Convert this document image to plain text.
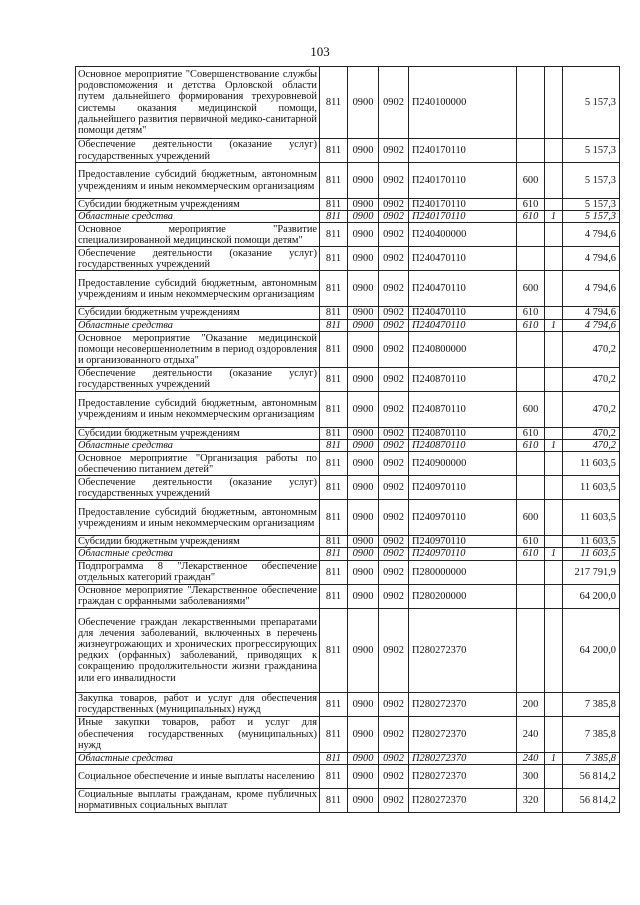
103
Основное мероприятие "Совершенствование службы родовспоможения и детства Орловской области путем дальнейшего формирования трехуровневой системы оказания медицинской помощи, дальнейшего развития первичной медико-санитарной помощи детям"	811	0900	0902	П240100000			5 157,3
Обеспечение деятельности (оказание услуг) государственных учреждений	811	0900	0902	П240170110			5 157,3
Предоставление субсидий бюджетным, автономным учреждениям и иным некоммерческим организациям	811	0900	0902	П240170110	600		5 157,3
Субсидии бюджетным учреждениям	811	0900	0902	П240170110	610		5 157,3
Областные средства	811	0900	0902	П240170110	610	1	5 157,3
Основное мероприятие "Развитие специализированной медицинской помощи детям"	811	0900	0902	П240400000			4 794,6
Обеспечение деятельности (оказание услуг) государственных учреждений	811	0900	0902	П240470110			4 794,6
Предоставление субсидий бюджетным, автономным учреждениям и иным некоммерческим организациям	811	0900	0902	П240470110	600		4 794,6
Субсидии бюджетным учреждениям	811	0900	0902	П240470110	610		4 794,6
Областные средства	811	0900	0902	П240470110	610	1	4 794,6
Основное мероприятие "Оказание медицинской помощи несовершеннолетним в период оздоровления и организованного отдыха"	811	0900	0902	П240800000			470,2
Обеспечение деятельности (оказание услуг) государственных учреждений	811	0900	0902	П240870110			470,2
Предоставление субсидий бюджетным, автономным учреждениям и иным некоммерческим организациям	811	0900	0902	П240870110	600		470,2
Субсидии бюджетным учреждениям	811	0900	0902	П240870110	610		470,2
Областные средства	811	0900	0902	П240870110	610	1	470,2
Основное мероприятие "Организация работы по обеспечению питанием детей"	811	0900	0902	П240900000			11 603,5
Обеспечение деятельности (оказание услуг) государственных учреждений	811	0900	0902	П240970110			11 603,5
Предоставление субсидий бюджетным, автономным учреждениям и иным некоммерческим организациям	811	0900	0902	П240970110	600		11 603,5
Субсидии бюджетным учреждениям	811	0900	0902	П240970110	610		11 603,5
Областные средства	811	0900	0902	П240970110	610	1	11 603,5
Подпрограмма 8 "Лекарственное обеспечение отдельных категорий граждан"	811	0900	0902	П280000000			217 791,9
Основное мероприятие "Лекарственное обеспечение граждан с орфанными заболеваниями"	811	0900	0902	П280200000			64 200,0
Обеспечение граждан лекарственными препаратами для лечения заболеваний, включенных в перечень жизнеугрожающих и хронических прогрессирующих редких (орфанных) заболеваний, приводящих к сокращению продолжительности жизни гражданина или его инвалидности	811	0900	0902	П280272370			64 200,0
Закупка товаров, работ и услуг для обеспечения государственных (муниципальных) нужд	811	0900	0902	П280272370	200		7 385,8
Иные закупки товаров, работ и услуг для обеспечения государственных (муниципальных) нужд	811	0900	0902	П280272370	240		7 385,8
Областные средства	811	0900	0902	П280272370	240	1	7 385,8
Социальное обеспечение и иные выплаты населению	811	0900	0902	П280272370	300		56 814,2
Социальные выплаты гражданам, кроме публичных нормативных социальных выплат	811	0900	0902	П280272370	320		56 814,2
